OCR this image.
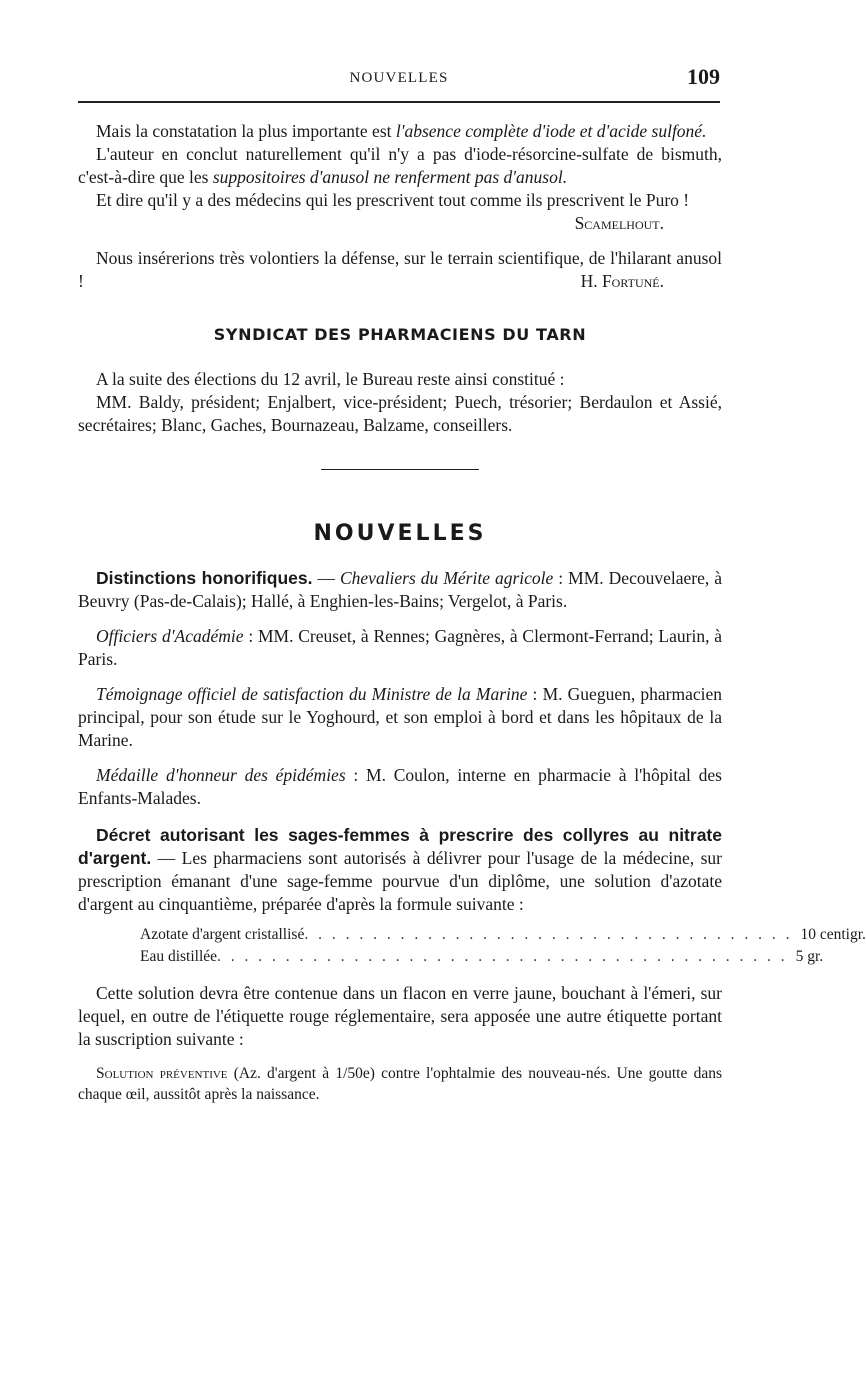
NOUVELLES	109

Mais la constatation la plus importante est l'absence complète d'iode et d'acide sulfoné.

L'auteur en conclut naturellement qu'il n'y a pas d'iode-résorcine-sulfate de bismuth, c'est-à-dire que les suppositoires d'anusol ne renferment pas d'anusol.

Et dire qu'il y a des médecins qui les prescrivent tout comme ils prescrivent le Puro !
Scamelhout.

Nous insérerions très volontiers la défense, sur le terrain scientifique, de l'hilarant anusol !	H. Fortuné.

SYNDICAT DES PHARMACIENS DU TARN

A la suite des élections du 12 avril, le Bureau reste ainsi constitué :

MM. Baldy, président; Enjalbert, vice-président; Puech, trésorier; Berdaulon et Assié, secrétaires; Blanc, Gaches, Bournazeau, Balzame, conseillers.

NOUVELLES

Distinctions honorifiques. — Chevaliers du Mérite agricole : MM. Decouvelaere, à Beuvry (Pas-de-Calais); Hallé, à Enghien-les-Bains; Vergelot, à Paris.

Officiers d'Académie : MM. Creuset, à Rennes; Gagnères, à Clermont-Ferrand; Laurin, à Paris.

Témoignage officiel de satisfaction du Ministre de la Marine : M. Gueguen, pharmacien principal, pour son étude sur le Yoghourd, et son emploi à bord et dans les hôpitaux de la Marine.

Médaille d'honneur des épidémies : M. Coulon, interne en pharmacie à l'hôpital des Enfants-Malades.

Décret autorisant les sages-femmes à prescrire des collyres au nitrate d'argent. — Les pharmaciens sont autorisés à délivrer pour l'usage de la médecine, sur prescription émanant d'une sage-femme pourvue d'un diplôme, une solution d'azotate d'argent au cinquantième, préparée d'après la formule suivante :

Azotate d'argent cristallisé . . . . . . . . . . . . . . . . . . . . . . . . . . . . . . . . . . . . 10 centigr.
Eau distillée . . . . . . . . . . . . . . . . . . . . . . . . . . . . . . . . . . . . . . . . . . 5 gr.

Cette solution devra être contenue dans un flacon en verre jaune, bouchant à l'émeri, sur lequel, en outre de l'étiquette rouge réglementaire, sera apposée une autre étiquette portant la suscription suivante :

Solution préventive (Az. d'argent à 1/50e) contre l'ophtalmie des nouveau-nés. Une goutte dans chaque œil, aussitôt après la naissance.
